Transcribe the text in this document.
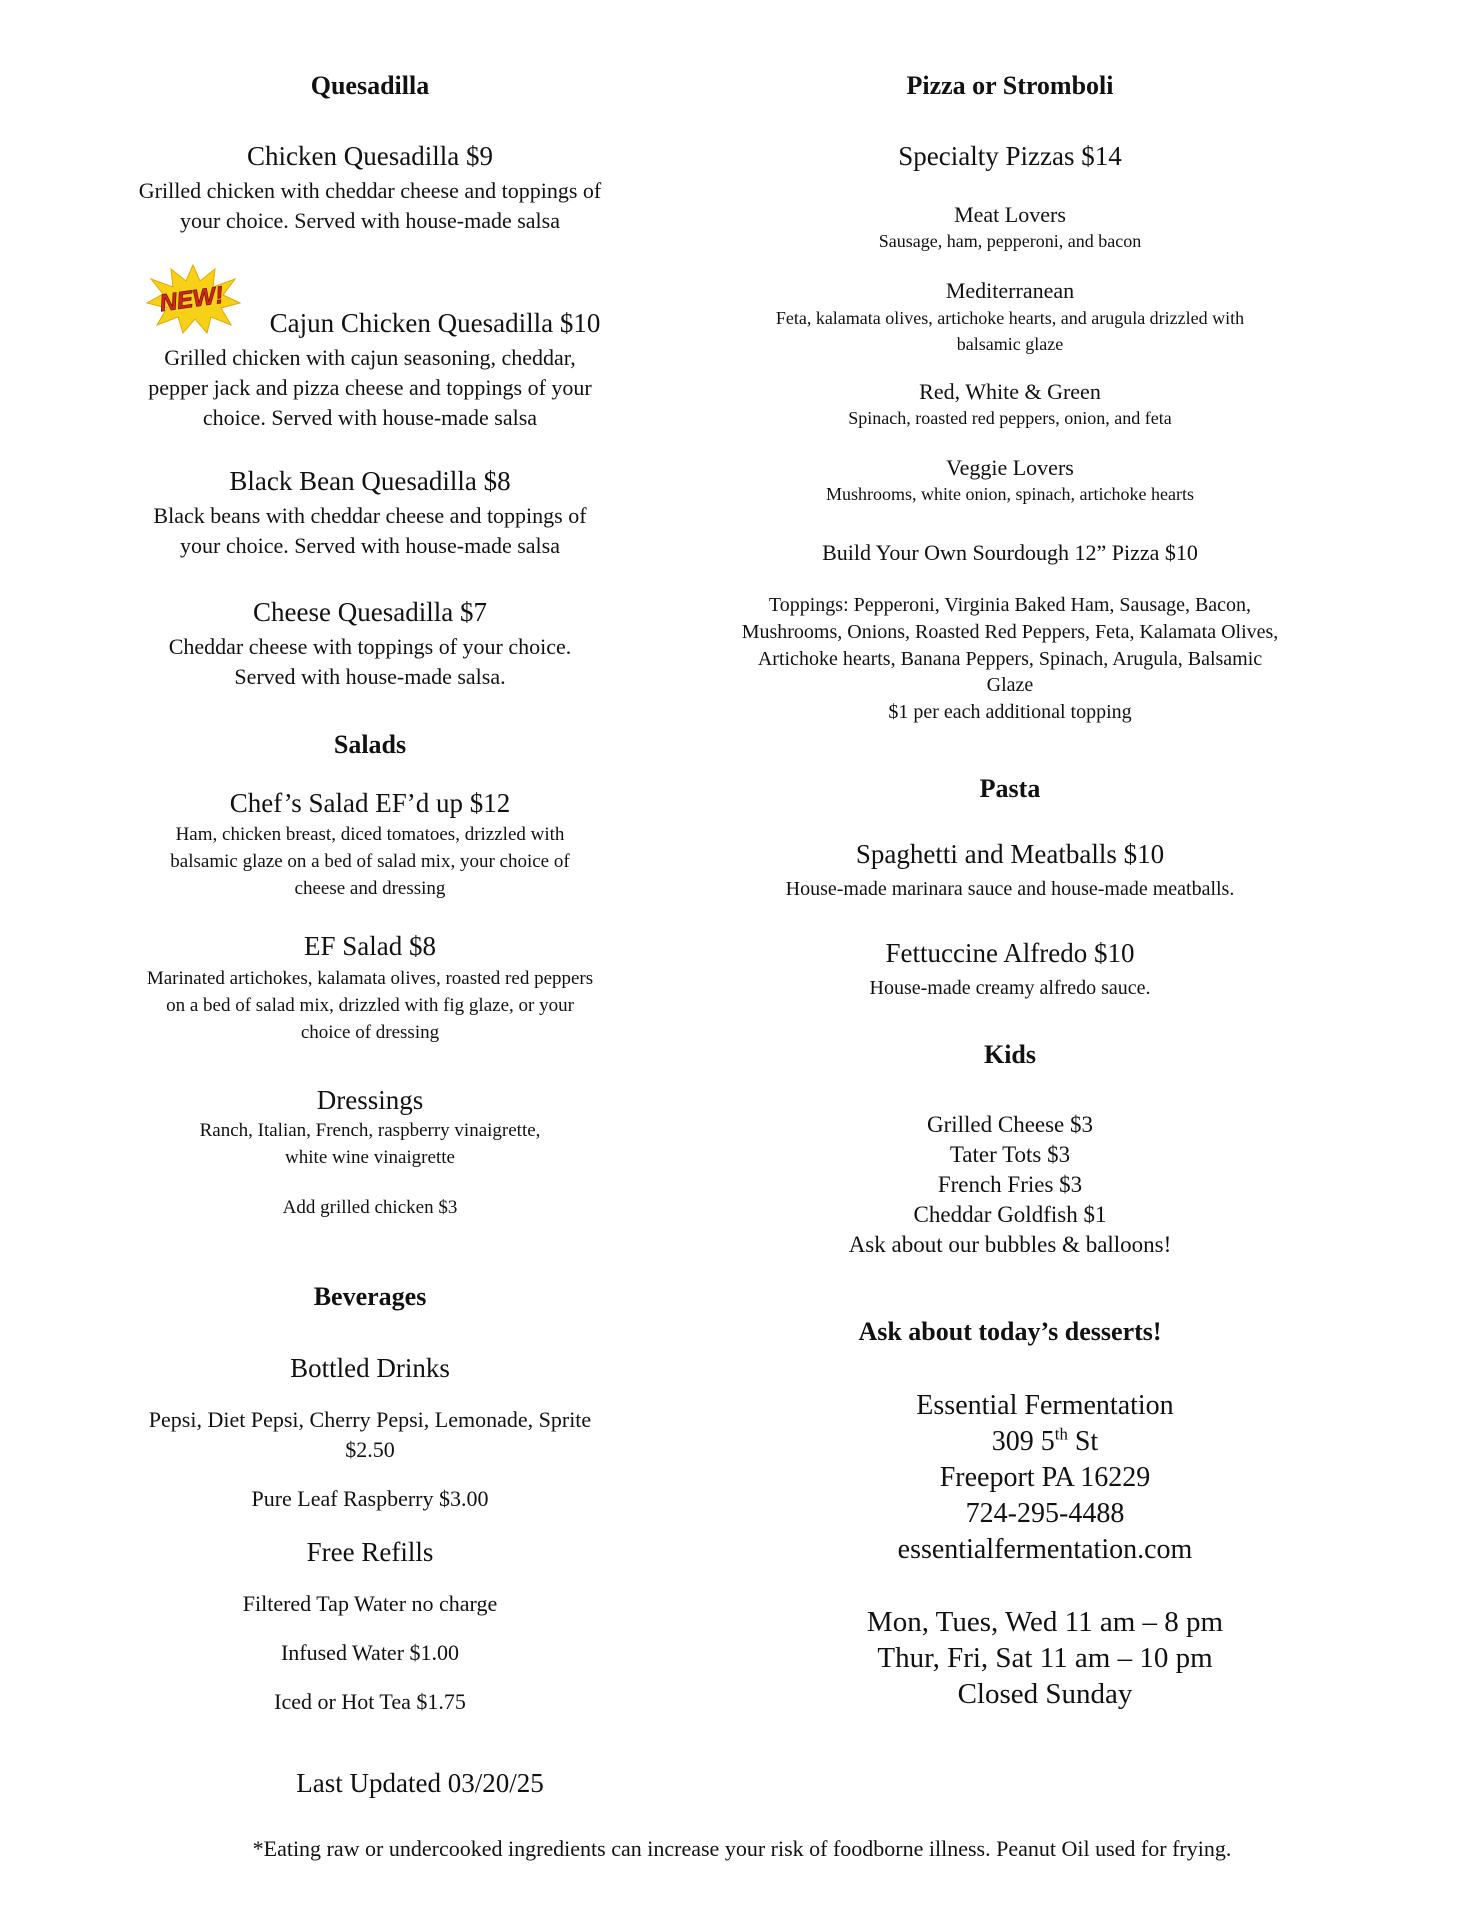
Quesadilla
Chicken Quesadilla $9
Grilled chicken with cheddar cheese and toppings of
your choice. Served with house-made salsa
Cajun Chicken Quesadilla $10
Grilled chicken with cajun seasoning, cheddar,
pepper jack and pizza cheese and toppings of your
choice. Served with house-made salsa
Black Bean Quesadilla $8
Black beans with cheddar cheese and toppings of
your choice. Served with house-made salsa
Cheese Quesadilla $7
Cheddar cheese with toppings of your choice.
Served with house-made salsa.
Salads
Chef’s Salad EF’d up $12
Ham, chicken breast, diced tomatoes, drizzled with
balsamic glaze on a bed of salad mix, your choice of
cheese and dressing
EF Salad $8
Marinated artichokes, kalamata olives, roasted red peppers
on a bed of salad mix, drizzled with fig glaze, or your
choice of dressing
Dressings
Ranch, Italian, French, raspberry vinaigrette,
white wine vinaigrette
Add grilled chicken $3
Beverages
Bottled Drinks
Pepsi, Diet Pepsi, Cherry Pepsi, Lemonade, Sprite
$2.50
Pure Leaf Raspberry $3.00
Free Refills
Filtered Tap Water no charge
Infused Water $1.00
Iced or Hot Tea $1.75
NEW!
Pizza or Stromboli
Specialty Pizzas $14
Meat Lovers
Sausage, ham, pepperoni, and bacon
Mediterranean
Feta, kalamata olives, artichoke hearts, and arugula drizzled with
balsamic glaze
Red, White & Green
Spinach, roasted red peppers, onion, and feta
Veggie Lovers
Mushrooms, white onion, spinach, artichoke hearts
Build Your Own Sourdough 12” Pizza $10
Toppings: Pepperoni, Virginia Baked Ham, Sausage, Bacon,
Mushrooms, Onions, Roasted Red Peppers, Feta, Kalamata Olives,
Artichoke hearts, Banana Peppers, Spinach, Arugula, Balsamic
Glaze
$1 per each additional topping
Pasta
Spaghetti and Meatballs $10
House-made marinara sauce and house-made meatballs.
Fettuccine Alfredo $10
House-made creamy alfredo sauce.
Kids
Grilled Cheese $3
Tater Tots $3
French Fries $3
Cheddar Goldfish $1
Ask about our bubbles & balloons!
Ask about today’s desserts!
Essential Fermentation
309 5th St
Freeport PA 16229
724-295-4488
essentialfermentation.com
Mon, Tues, Wed 11 am – 8 pm
Thur, Fri, Sat 11 am – 10 pm
Closed Sunday
Last Updated 03/20/25
*Eating raw or undercooked ingredients can increase your risk of foodborne illness. Peanut Oil used for frying.
